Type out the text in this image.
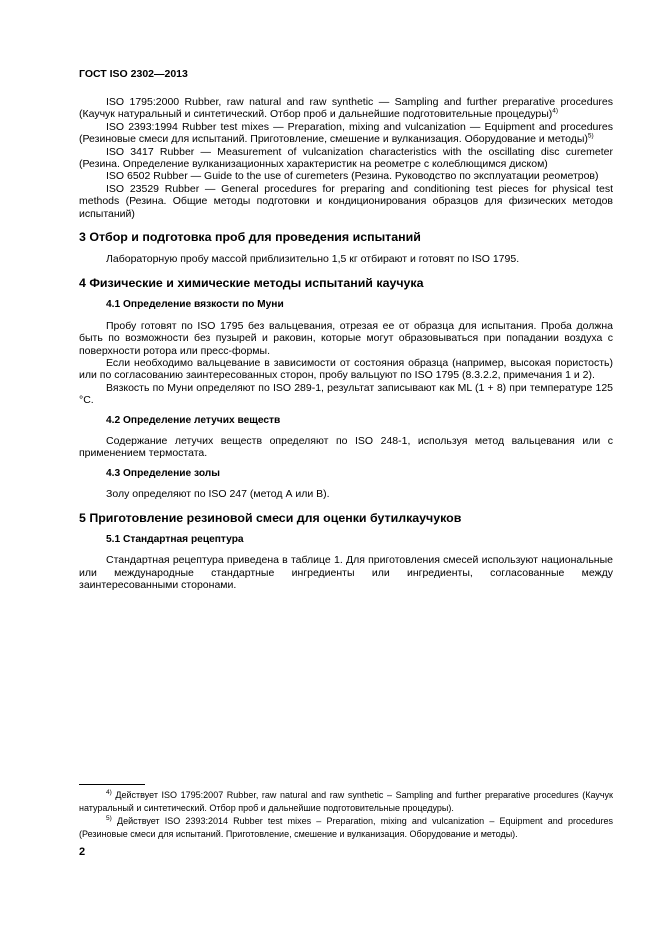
ГОСТ ISO 2302—2013

ISO 1795:2000 Rubber, raw natural and raw synthetic — Sampling and further preparative procedures (Каучук натуральный и синтетический. Отбор проб и дальнейшие подготовительные процедуры)$^{4)}$

ISO 2393:1994 Rubber test mixes — Preparation, mixing and vulcanization — Equipment and procedures (Резиновые смеси для испытаний. Приготовление, смешение и вулканизация. Оборудование и методы)$^{5)}$

ISO 3417 Rubber — Measurement of vulcanization characteristics with the oscillating disc curemeter (Резина. Определение вулканизационных характеристик на реометре с колеблющимся диском)

ISO 6502 Rubber — Guide to the use of curemeters (Резина. Руководство по эксплуатации реометров)

ISO 23529 Rubber — General procedures for preparing and conditioning test pieces for physical test methods (Резина. Общие методы подготовки и кондиционирования образцов для физических методов испытаний)

3 Отбор и подготовка проб для проведения испытаний

Лабораторную пробу массой приблизительно 1,5 кг отбирают и готовят по ISO 1795.

4 Физические и химические методы испытаний каучука

4.1 Определение вязкости по Муни

Пробу готовят по ISO 1795 без вальцевания, отрезая ее от образца для испытания. Проба должна быть по возможности без пузырей и раковин, которые могут образовываться при попадании воздуха с поверхности ротора или пресс-формы.

Если необходимо вальцевание в зависимости от состояния образца (например, высокая пористость) или по согласованию заинтересованных сторон, пробу вальцуют по ISO 1795 (8.3.2.2, примечания 1 и 2).

Вязкость по Муни определяют по ISO 289-1, результат записывают как ML (1 + 8) при температуре 125 °С.

4.2 Определение летучих веществ

Содержание летучих веществ определяют по ISO 248-1, используя метод вальцевания или с применением термостата.

4.3 Определение золы

Золу определяют по ISO 247 (метод А или В).

5 Приготовление резиновой смеси для оценки бутилкаучуков

5.1 Стандартная рецептура

Стандартная рецептура приведена в таблице 1. Для приготовления смесей используют национальные или международные стандартные ингредиенты или ингредиенты, согласованные между заинтересованными сторонами.

$^{4)}$ Действует ISO 1795:2007 Rubber, raw natural and raw synthetic – Sampling and further preparative procedures (Каучук натуральный и синтетический. Отбор проб и дальнейшие подготовительные процедуры).

$^{5)}$ Действует ISO 2393:2014 Rubber test mixes – Preparation, mixing and vulcanization – Equipment and procedures (Резиновые смеси для испытаний. Приготовление, смешение и вулканизация. Оборудование и методы).

2
